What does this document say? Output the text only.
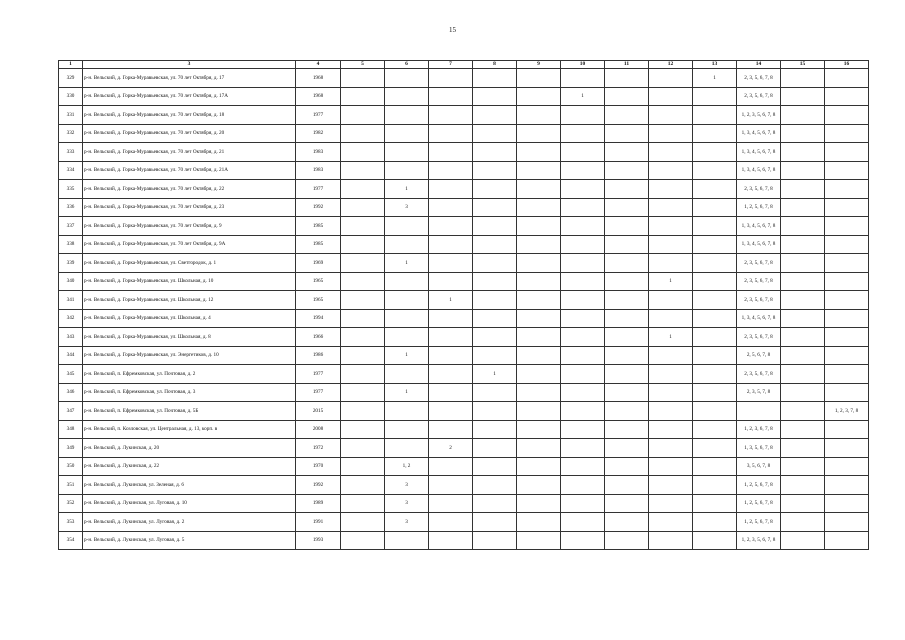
15
1	3	4	5	6	7	8	9	10	11	12	13	14	15	16
329	р-н. Вельский, д. Горка-Муравьевская, ул. 70 лет Октября, д. 17	1968									1	2, 3, 5, 6, 7, 8		
330	р-н. Вельский, д. Горка-Муравьевская, ул. 70 лет Октября, д. 17А	1968						1				2, 3, 5, 6, 7, 8		
331	р-н. Вельский, д. Горка-Муравьевская, ул. 70 лет Октября, д. 18	1977										1, 2, 3, 5, 6, 7, 8		
332	р-н. Вельский, д. Горка-Муравьевская, ул. 70 лет Октября, д. 20	1982										1, 3, 4, 5, 6, 7, 8		
333	р-н. Вельский, д. Горка-Муравьевская, ул. 70 лет Октября, д. 21	1983										1, 3, 4, 5, 6, 7, 8		
334	р-н. Вельский, д. Горка-Муравьевская, ул. 70 лет Октября, д. 21А	1983										1, 3, 4, 5, 6, 7, 8		
335	р-н. Вельский, д. Горка-Муравьевская, ул. 70 лет Октября, д. 22	1977		1								2, 3, 5, 6, 7, 8		
336	р-н. Вельский, д. Горка-Муравьевская, ул. 70 лет Октября, д. 23	1992		3								1, 2, 5, 6, 7, 8		
337	р-н. Вельский, д. Горка-Муравьевская, ул. 70 лет Октября, д. 9	1985										1, 3, 4, 5, 6, 7, 8		
338	р-н. Вельский, д. Горка-Муравьевская, ул. 70 лет Октября, д. 9А	1985										1, 3, 4, 5, 6, 7, 8		
339	р-н. Вельский, д. Горка-Муравьевская, ул. Светгородок, д. 1	1969		1								2, 3, 5, 6, 7, 8		
340	р-н. Вельский, д. Горка-Муравьевская, ул. Школьная, д. 10	1965								1		2, 3, 5, 6, 7, 8		
341	р-н. Вельский, д. Горка-Муравьевская, ул. Школьная, д. 12	1965			1							2, 3, 5, 6, 7, 8		
342	р-н. Вельский, д. Горка-Муравьевская, ул. Школьная, д. 4	1994										1, 3, 4, 5, 6, 7, 8		
343	р-н. Вельский, д. Горка-Муравьевская, ул. Школьная, д. 8	1966								1		2, 3, 5, 6, 7, 8		
344	р-н. Вельский, д. Горка-Муравьевская, ул. Энергетиков, д. 10	1986		1								2, 5, 6, 7, 8		
345	р-н. Вельский, п. Ефремковская, ул. Почтовая, д. 2	1977				1						2, 3, 5, 6, 7, 8		
346	р-н. Вельский, п. Ефремковская, ул. Почтовая, д. 3	1977		1								2, 3, 5, 7, 8		
347	р-н. Вельский, п. Ефремковская, ул. Почтовая, д. 5Б	2015												1, 2, 3, 7, 8
348	р-н. Вельский, п. Козловская, ул. Центральная, д. 13, корп. в	2008										1, 2, 3, 6, 7, 8		
349	р-н. Вельский, д. Лукинская, д. 20	1972			2							1, 3, 5, 6, 7, 8		
350	р-н. Вельский, д. Лукинская, д. 22	1970		1, 2								3, 5, 6, 7, 8		
351	р-н. Вельский, д. Лукинская, ул. Зеленая, д. 6	1992		3								1, 2, 5, 6, 7, 8		
352	р-н. Вельский, д. Лукинская, ул. Луговая, д. 10	1989		3								1, 2, 5, 6, 7, 8		
353	р-н. Вельский, д. Лукинская, ул. Луговая, д. 2	1991		3								1, 2, 5, 6, 7, 8		
354	р-н. Вельский, д. Лукинская, ул. Луговая, д. 5	1993										1, 2, 3, 5, 6, 7, 8		
